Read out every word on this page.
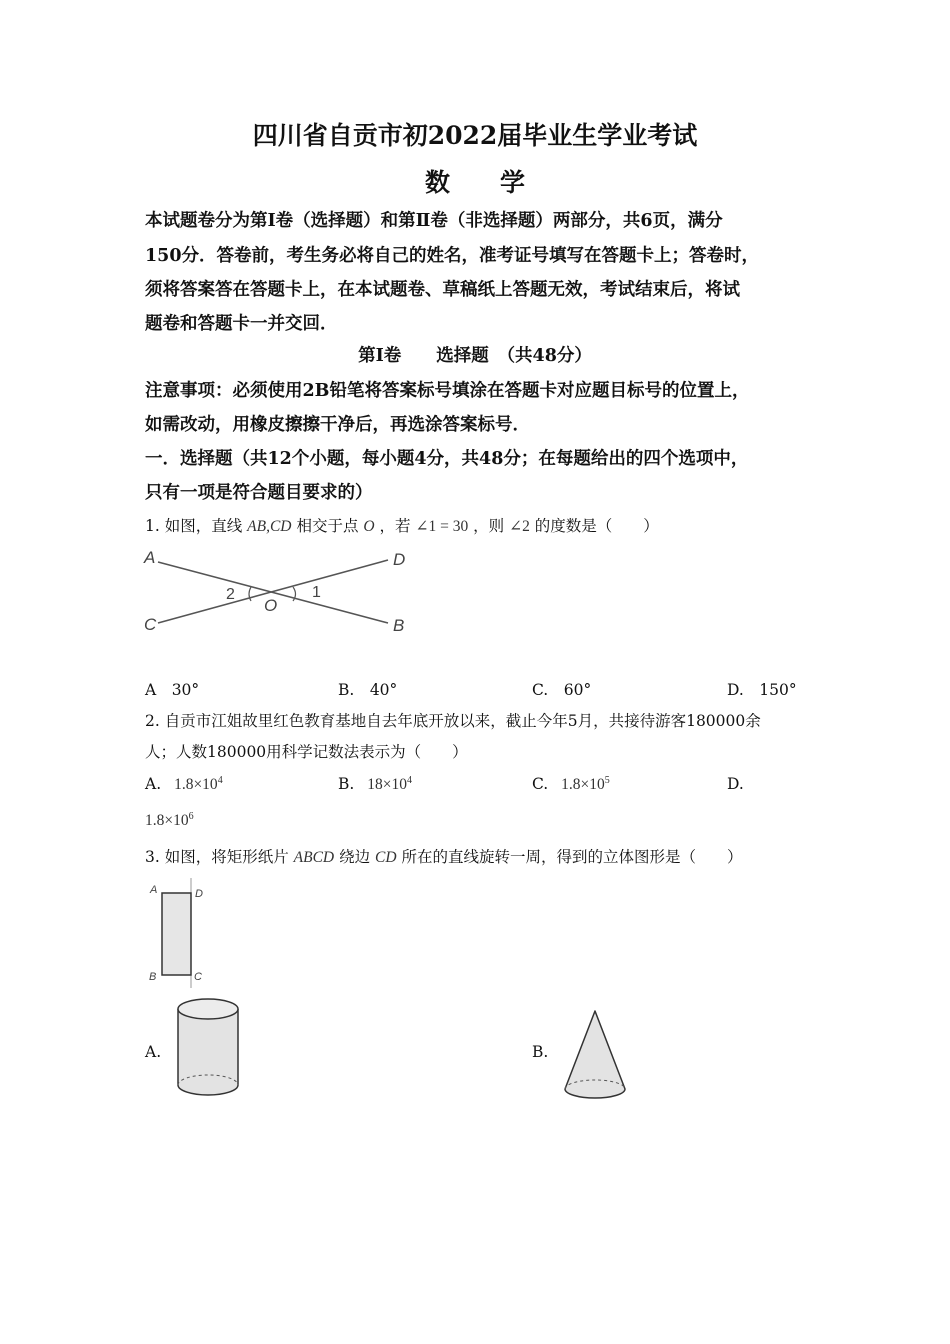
四川省自贡市初2022届毕业生学业考试
数　　学
本试题卷分为第Ⅰ卷（选择题）和第Ⅱ卷（非选择题）两部分，共6页，满分
150分．答卷前，考生务必将自己的姓名，准考证号填写在答题卡上；答卷时，
须将答案答在答题卡上，在本试题卷、草稿纸上答题无效，考试结束后，将试
题卷和答题卡一并交回．
第Ⅰ卷　　选择题　（共48分）
注意事项：必须使用2B铅笔将答案标号填涂在答题卡对应题目标号的位置上，
如需改动，用橡皮擦擦干净后，再选涂答案标号．
一．选择题（共12个小题，每小题4分，共48分；在每题给出的四个选项中，
只有一项是符合题目要求的）
1. 如图，直线 AB,CD 相交于点 O ，若 ∠1 = 30 ，则 ∠2 的度数是（　　）
A	D
C	B
O
2	1
A　30°	B.　40°	C.　60°	D.　150°
2. 自贡市江姐故里红色教育基地自去年底开放以来，截止今年5月，共接待游客180000余
人；人数180000用科学记数法表示为（　　）
A. $1.8\times 10^4$	B. $18\times 10^4$	C. $1.8\times 10^5$	D.
$1.8\times 10^6$
3. 如图，将矩形纸片 ABCD 绕边 CD 所在的直线旋转一周，得到的立体图形是（　　）
A	D
B	C
A.	B.
